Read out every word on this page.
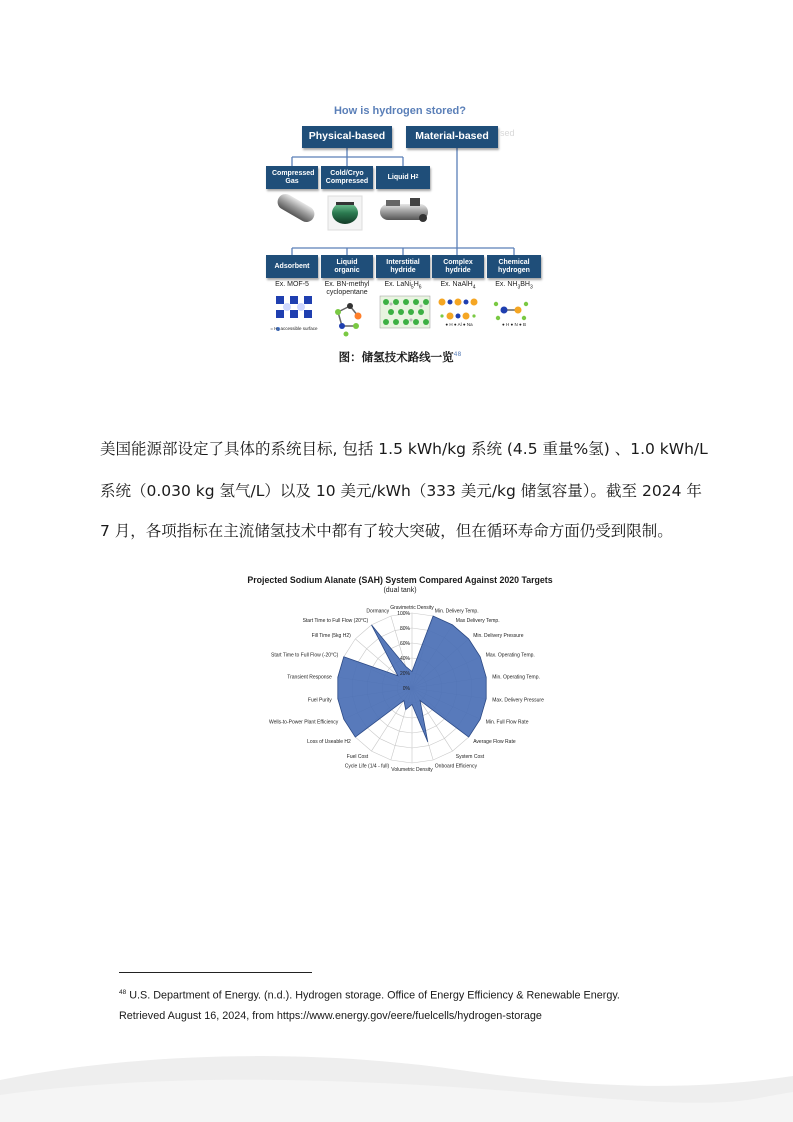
How is hydrogen stored?
Physical-based	Material-based	sed
Compressed Gas
Cold/Cryo Compressed
Liquid H 2
Adsorbent
Liquid organic
Interstitial hydride
Complex hydride
Chemical hydrogen
Ex. MOF-5	Ex. BN-methyl cyclopentane
Ex. $LaNi_5H_6$	Ex. NaAlH$_4$	Ex. $NH_3BH_3$
= H₂ accessible surface
● H ● Al ● Na	● H ● N ● B
图：储氢技术路线一览$^{48}$
美国能源部设定了具体的系统目标, 包括 1.5 kWh/kg 系统 (4.5 重量%氢) 、1.0 kWh/L
系统（0.030 kg 氢气/L）以及 10 美元/kWh（333 美元/kg 储氢容量）。截至 2024 年
7 月，各项指标在主流储氢技术中都有了较大突破，但在循环寿命方面仍受到限制。
Projected Sodium Alanate (SAH) System Compared Against 2020 Targets
(dual tank)
0%
20%
40%
60%
80%
100%
Gravimetric Density
Min. Delivery Temp.
Max Delivery Temp.
Min. Delivery Pressure
Max. Operating Temp.
Min. Operating Temp.
Max. Delivery Pressure
Min. Full Flow Rate
Average Flow Rate
System Cost
Onboard Efficiency
Volumetric Density
Cycle Life (1/4 - full)
Fuel Cost
Loss of Useable H2
Wells-to-Power Plant Efficiency
Fuel Purity
Transient Response
Start Time to Full Flow (-20°C)
Fill Time (5kg H2)
Start Time to Full Flow (20°C)
Dormancy
$^{48}$ U.S. Department of Energy. (n.d.). Hydrogen storage. Office of Energy Efficiency & Renewable Energy.
Retrieved August 16, 2024, from https://www.energy.gov/eere/fuelcells/hydrogen-storage
